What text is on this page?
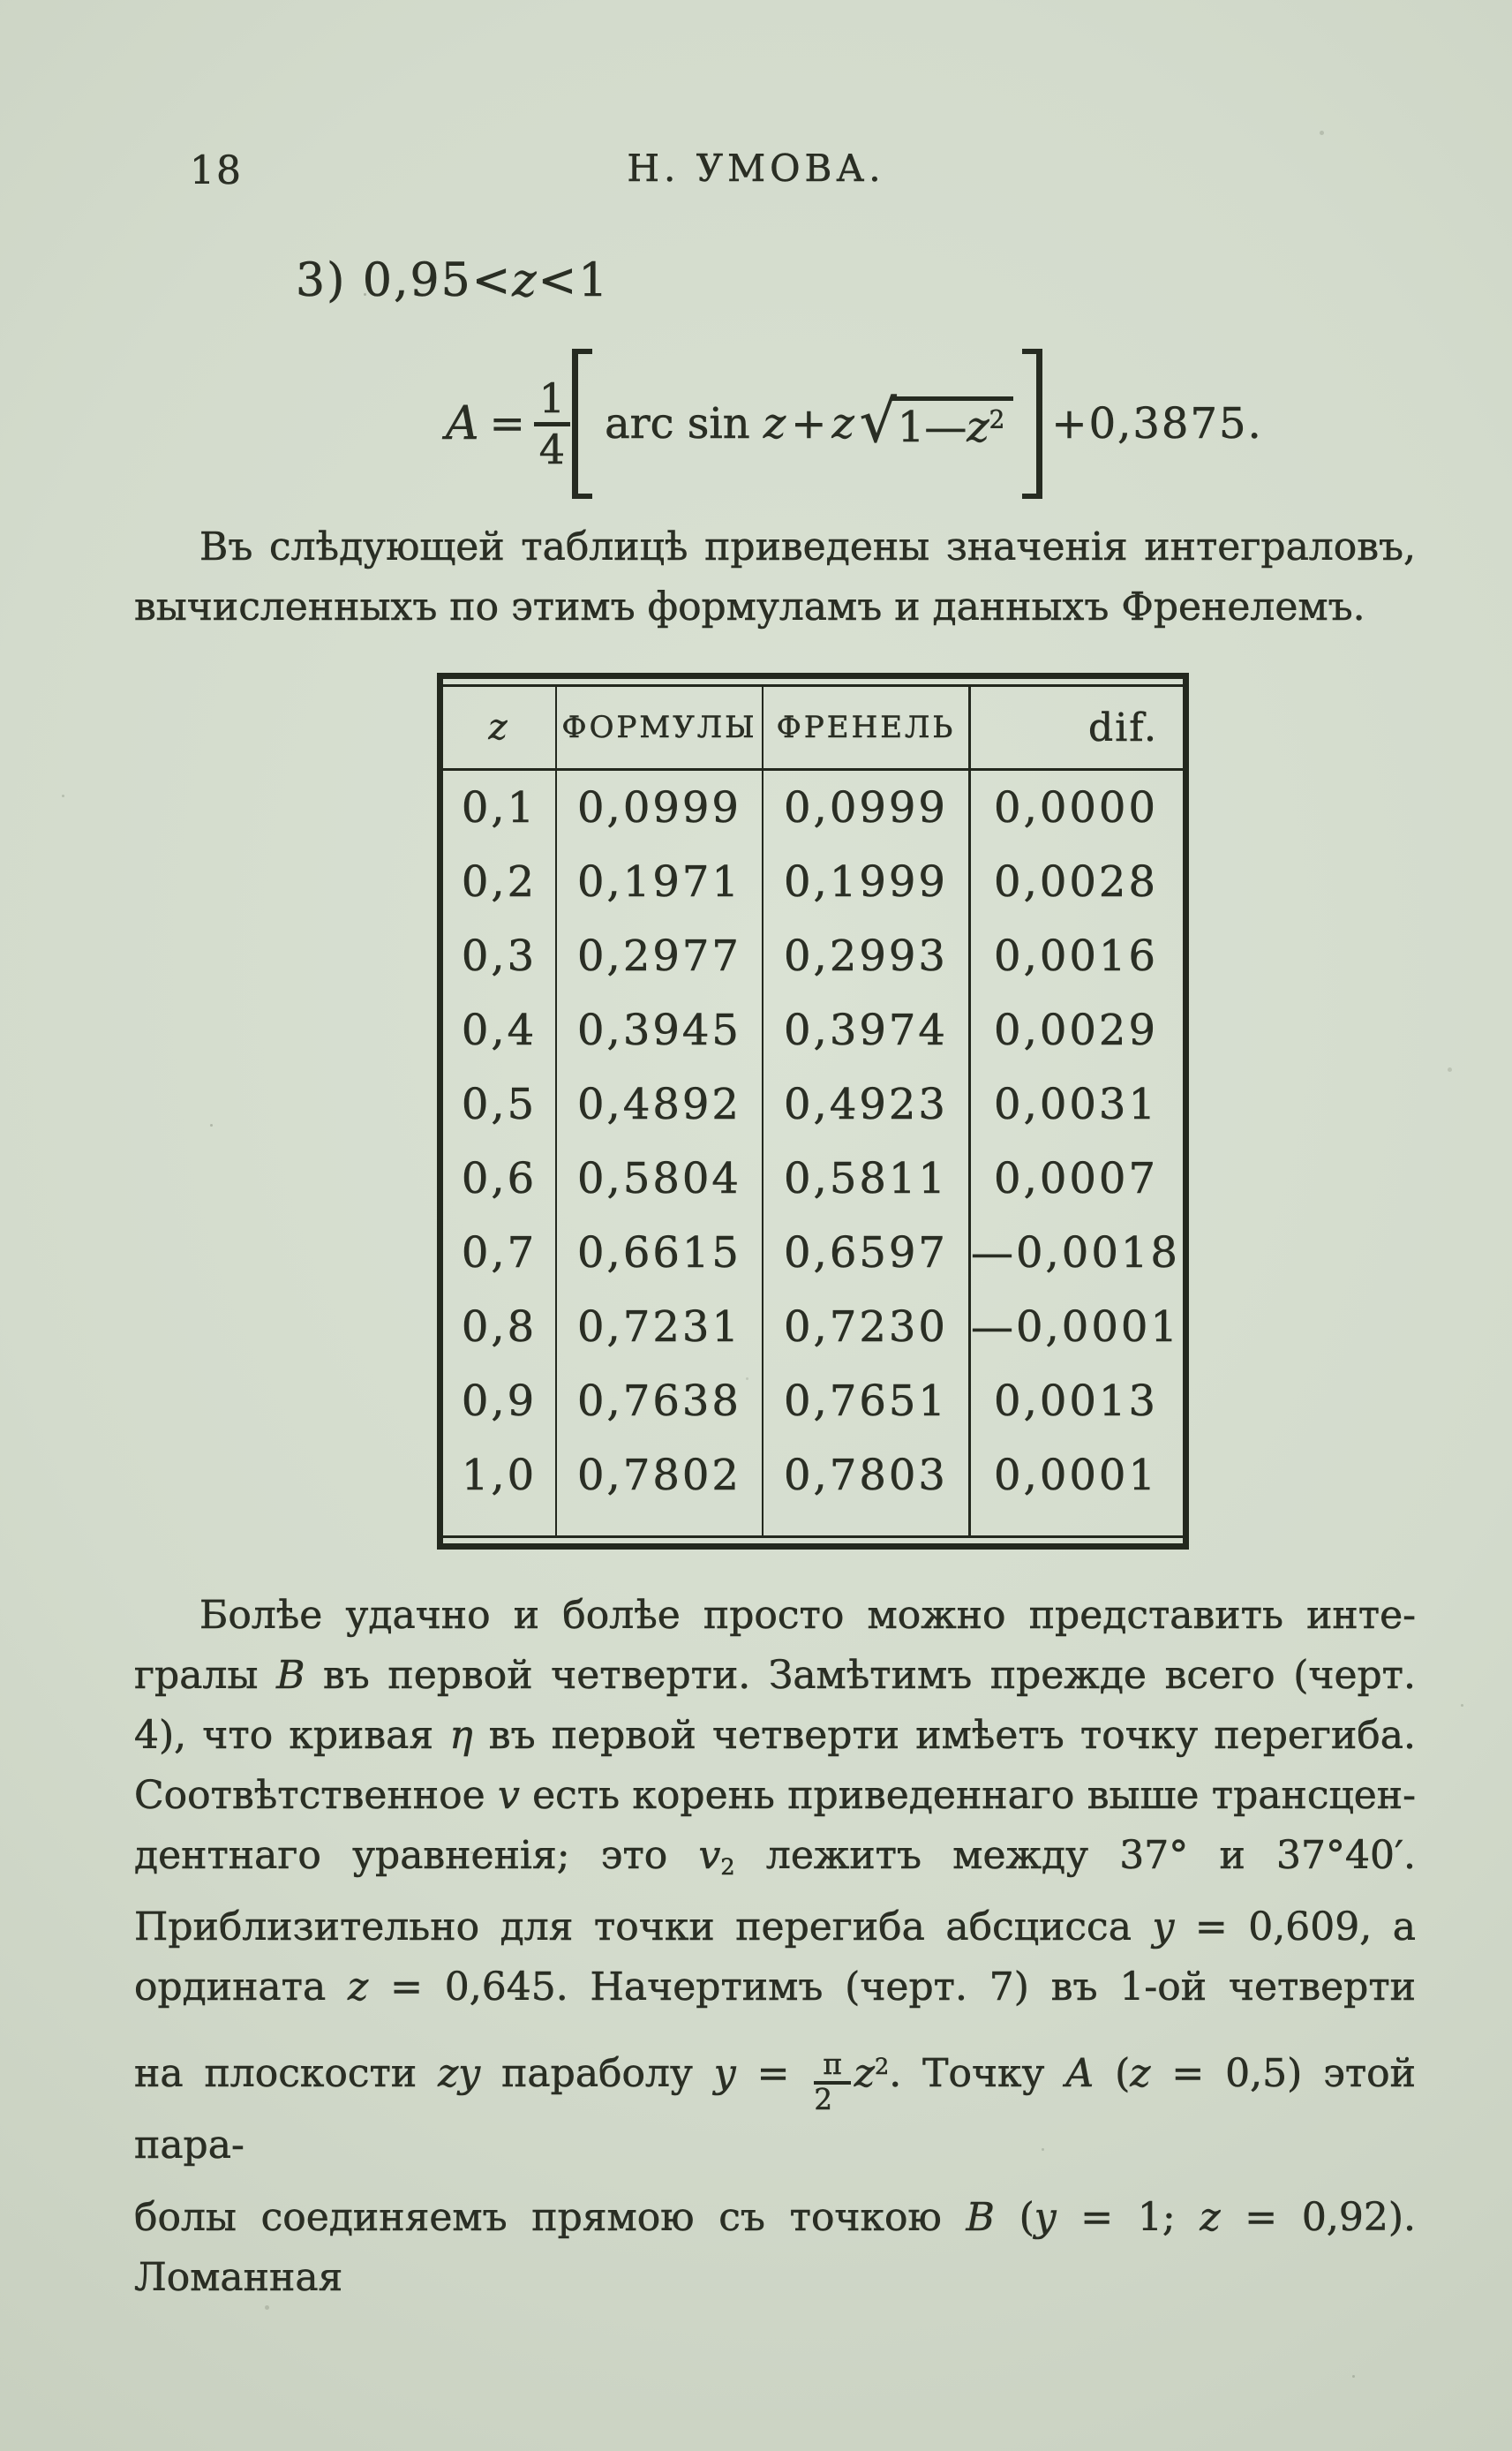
18	Н. УМОВА.
3) 0,95<z<1
$A = \frac{1}{4}$ arc sin z + z √ $1—z^2 +0,3875$.
Въ слѣдующей таблицѣ приведены значенія интеграловъ,
вычисленныхъ по этимъ формуламъ и данныхъ Френелемъ.
z	ФОРМУЛЫ ФРЕНЕЛЬ	dif.
0,1 0,0999	0,0999	0,0000
0,2 0,1971	0,1999	0,0028
0,3 0,2977	0,2993	0,0016
0,4 0,3945	0,3974	0,0029
0,5 0,4892	0,4923	0,0031
0,6 0,5804	0,5811	0,0007
0,7 0,6615	0,6597 —0,0018
0,8 0,7231	0,7230 —0,0001
0,9 0,7638	0,7651	0,0013
1,0 0,7802	0,7803	0,0001
Болѣе удачно и болѣе просто можно представить инте-
гралы B въ первой четверти. Замѣтимъ прежде всего (черт.
4), что кривая η въ первой четверти имѣетъ точку перегиба.
Соотвѣтственное v есть корень приведеннаго выше трансцен-
дентнаго уравненія; это $v_2$ лежитъ между 37° и 37°40′.
Приблизительно для точки перегиба абсцисса y = 0,609, а
ордината z = 0,645. Начертимъ (черт. 7) въ 1-ой четверти
на плоскости zy параболу $y = \frac{\pi}{2} z^2$. Точку A (z = 0,5) этой пара-
болы соединяемъ прямою съ точкою B (y = 1; z = 0,92). Ломанная
